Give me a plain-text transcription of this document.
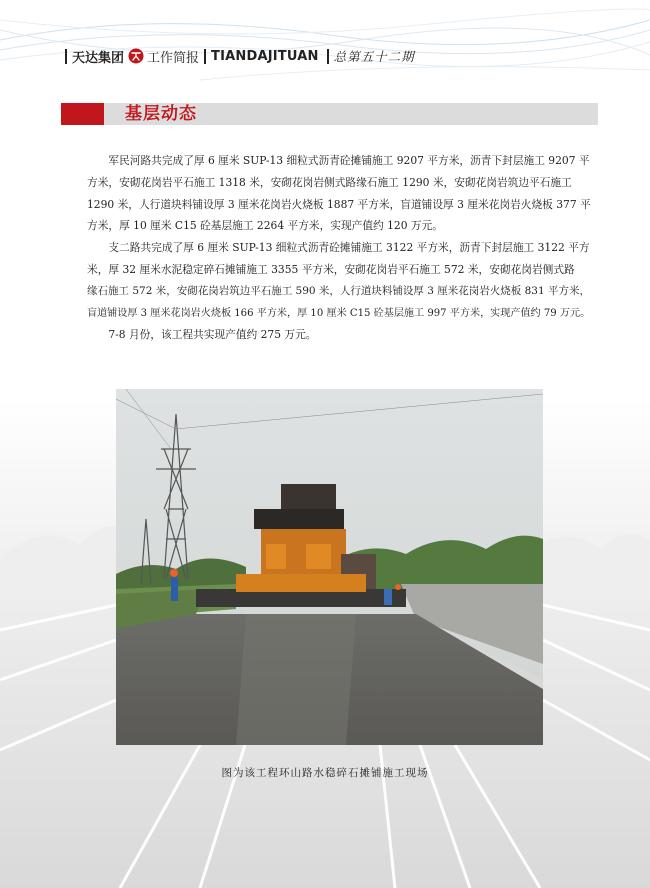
天达集团 工作简报 TIANDAJITUAN 总第五十二期
基层动态
　　军民河路共完成了厚 6 厘米 SUP-13 细粒式沥青砼摊铺施工 9207 平方米，沥青下封层施工 9207 平
方米，安砌花岗岩平石施工 1318 米，安砌花岗岩侧式路缘石施工 1290 米，安砌花岗岩筑边平石施工
1290 米，人行道块料铺设厚 3 厘米花岗岩火烧板 1887 平方米，盲道铺设厚 3 厘米花岗岩火烧板 377 平
方米，厚 10 厘米 C15 砼基层施工 2264 平方米，实现产值约 120 万元。
　　支二路共完成了厚 6 厘米 SUP-13 细粒式沥青砼摊铺施工 3122 平方米，沥青下封层施工 3122 平方
米，厚 32 厘米水泥稳定碎石摊铺施工 3355 平方米，安砌花岗岩平石施工 572 米，安砌花岗岩侧式路
缘石施工 572 米，安砌花岗岩筑边平石施工 590 米，人行道块料铺设厚 3 厘米花岗岩火烧板 831 平方米，
盲道铺设厚 3 厘米花岗岩火烧板 166 平方米，厚 10 厘米 C15 砼基层施工 997 平方米，实现产值约 79 万元。
　　7-8 月份，该工程共实现产值约 275 万元。
图为该工程环山路水稳碎石摊铺施工现场
